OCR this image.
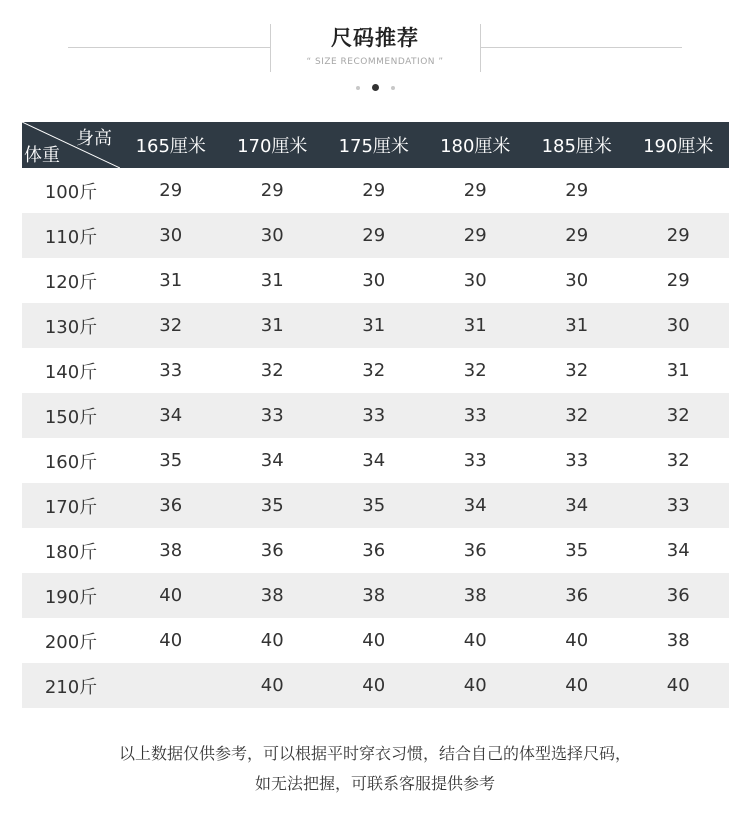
尺码推荐
“ SIZE RECOMMENDATION ”

身高
体重	165厘米	170厘米	175厘米	180厘米	185厘米	190厘米
100斤	29	29	29	29	29	
110斤	30	30	29	29	29	29
120斤	31	31	30	30	30	29
130斤	32	31	31	31	31	30
140斤	33	32	32	32	32	31
150斤	34	33	33	33	32	32
160斤	35	34	34	33	33	32
170斤	36	35	35	34	34	33
180斤	38	36	36	36	35	34
190斤	40	38	38	38	36	36
200斤	40	40	40	40	40	38
210斤		40	40	40	40	40
以上数据仅供参考，可以根据平时穿衣习惯，结合自己的体型选择尺码，
如无法把握，可联系客服提供参考
